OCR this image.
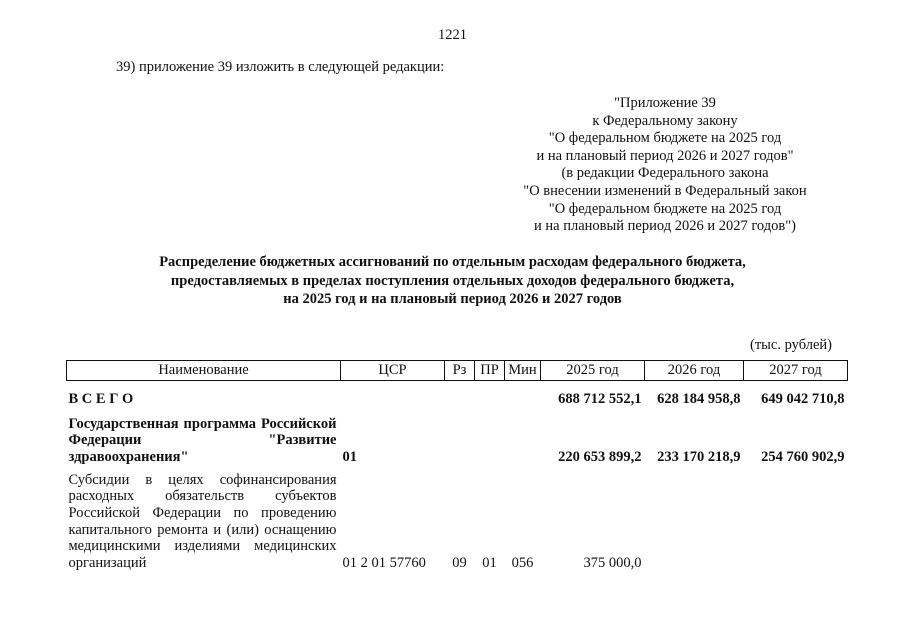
1221
39) приложение 39 изложить в следующей редакции:
"Приложение 39
к Федеральному закону
"О федеральном бюджете на 2025 год
и на плановый период 2026 и 2027 годов"
(в редакции Федерального закона
"О внесении изменений в Федеральный закон
"О федеральном бюджете на 2025 год
и на плановый период 2026 и 2027 годов")
Распределение бюджетных ассигнований по отдельным расходам федерального бюджета,
предоставляемых в пределах поступления отдельных доходов федерального бюджета,
на 2025 год и на плановый период 2026 и 2027 годов
(тыс. рублей)
Наименование	ЦСР	Рз	ПР	Мин	2025 год	2026 год	2027 год
В С Е Г О					688 712 552,1	628 184 958,8	649 042 710,8
Государственная программа Российской Федерации "Развитие здравоохранения"	01				220 653 899,2	233 170 218,9	254 760 902,9
Субсидии в целях софинансирования расходных обязательств субъектов Российской Федерации по проведению капитального ремонта и (или) оснащению медицинскими изделиями медицинских организаций	01 2 01 57760	09	01	056	375 000,0		
